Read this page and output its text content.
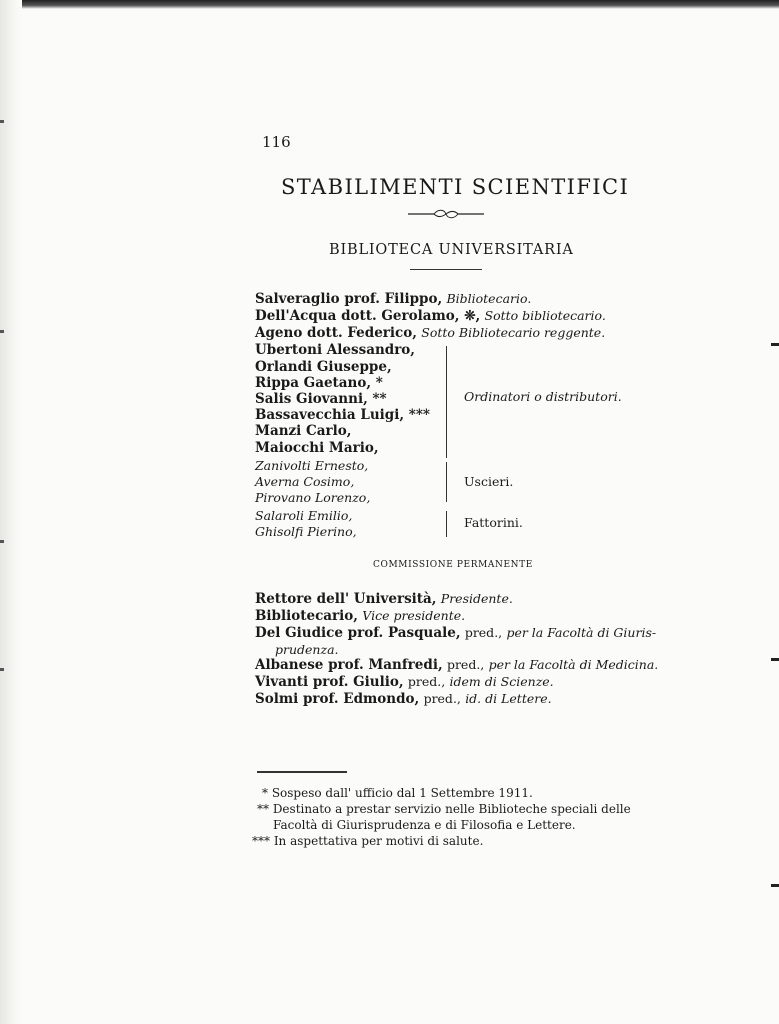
116
STABILIMENTI SCIENTIFICI
BIBLIOTECA UNIVERSITARIA
Salveraglio prof. Filippo, Bibliotecario.
Dell'Acqua dott. Gerolamo, ❊, Sotto bibliotecario.
Ageno dott. Federico, Sotto Bibliotecario reggente.
Ubertoni Alessandro,
Orlandi Giuseppe,
Rippa Gaetano, *
Salis Giovanni, **
Bassavecchia Luigi, ***
Manzi Carlo,
Maiocchi Mario,
Ordinatori o distributori.
Zanivolti Ernesto,
Averna Cosimo,
Pirovano Lorenzo,
Uscieri.
Salaroli Emilio,
Ghisolfi Pierino,
Fattorini.
COMMISSIONE PERMANENTE
Rettore dell' Università, Presidente.
Bibliotecario, Vice presidente.
Del Giudice prof. Pasquale, pred., per la Facoltà di Giuris-
prudenza.
Albanese prof. Manfredi, pred., per la Facoltà di Medicina.
Vivanti prof. Giulio, pred., idem di Scienze.
Solmi prof. Edmondo, pred., id. di Lettere.
* Sospeso dall' ufficio dal 1 Settembre 1911.
** Destinato a prestar servizio nelle Biblioteche speciali delle
Facoltà di Giurisprudenza e di Filosofia e Lettere.
*** In aspettativa per motivi di salute.
